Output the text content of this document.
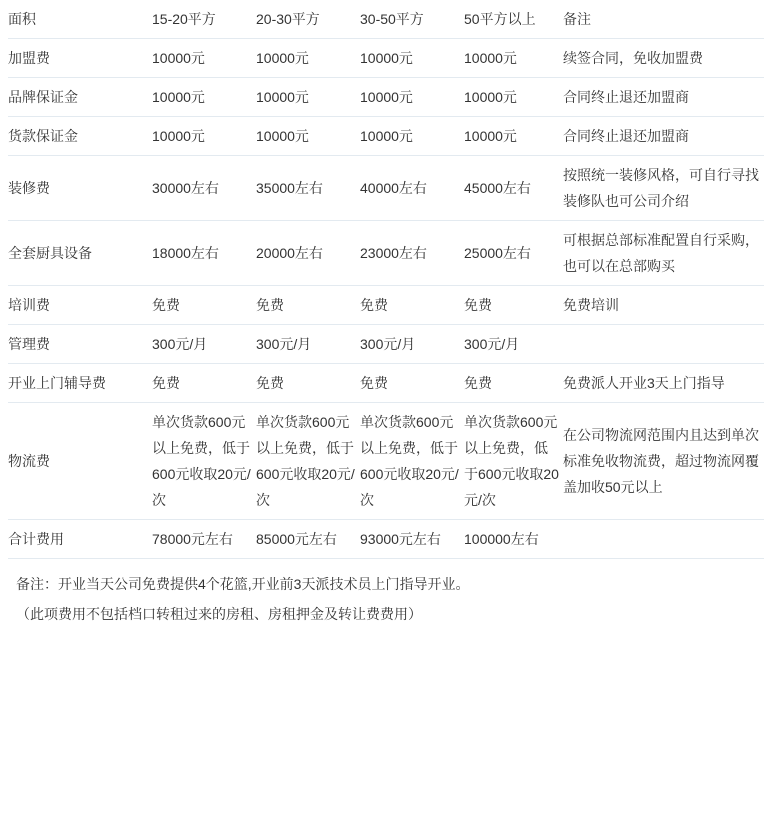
面积	15-20平方	20-30平方	30-50平方	50平方以上	备注
加盟费	10000元	10000元	10000元	10000元	续签合同，免收加盟费
品牌保证金	10000元	10000元	10000元	10000元	合同终止退还加盟商
货款保证金	10000元	10000元	10000元	10000元	合同终止退还加盟商
装修费	30000左右	35000左右	40000左右	45000左右	按照统一装修风格，可自行寻找装修队也可公司介绍
全套厨具设备	18000左右	20000左右	23000左右	25000左右	可根据总部标准配置自行采购，也可以在总部购买
培训费	免费	免费	免费	免费	免费培训
管理费	300元/月	300元/月	300元/月	300元/月	
开业上门辅导费	免费	免费	免费	免费	免费派人开业3天上门指导
物流费	单次货款600元以上免费，低于600元收取20元/次	单次货款600元以上免费，低于600元收取20元/次	单次货款600元以上免费，低于600元收取20元/次	单次货款600元以上免费，低于600元收取20元/次	在公司物流网范围内且达到单次标准免收物流费，超过物流网覆盖加收50元以上
合计费用	78000元左右	85000元左右	93000元左右	100000左右	
备注：开业当天公司免费提供4个花篮,开业前3天派技术员上门指导开业。
（此项费用不包括档口转租过来的房租、房租押金及转让费费用）
